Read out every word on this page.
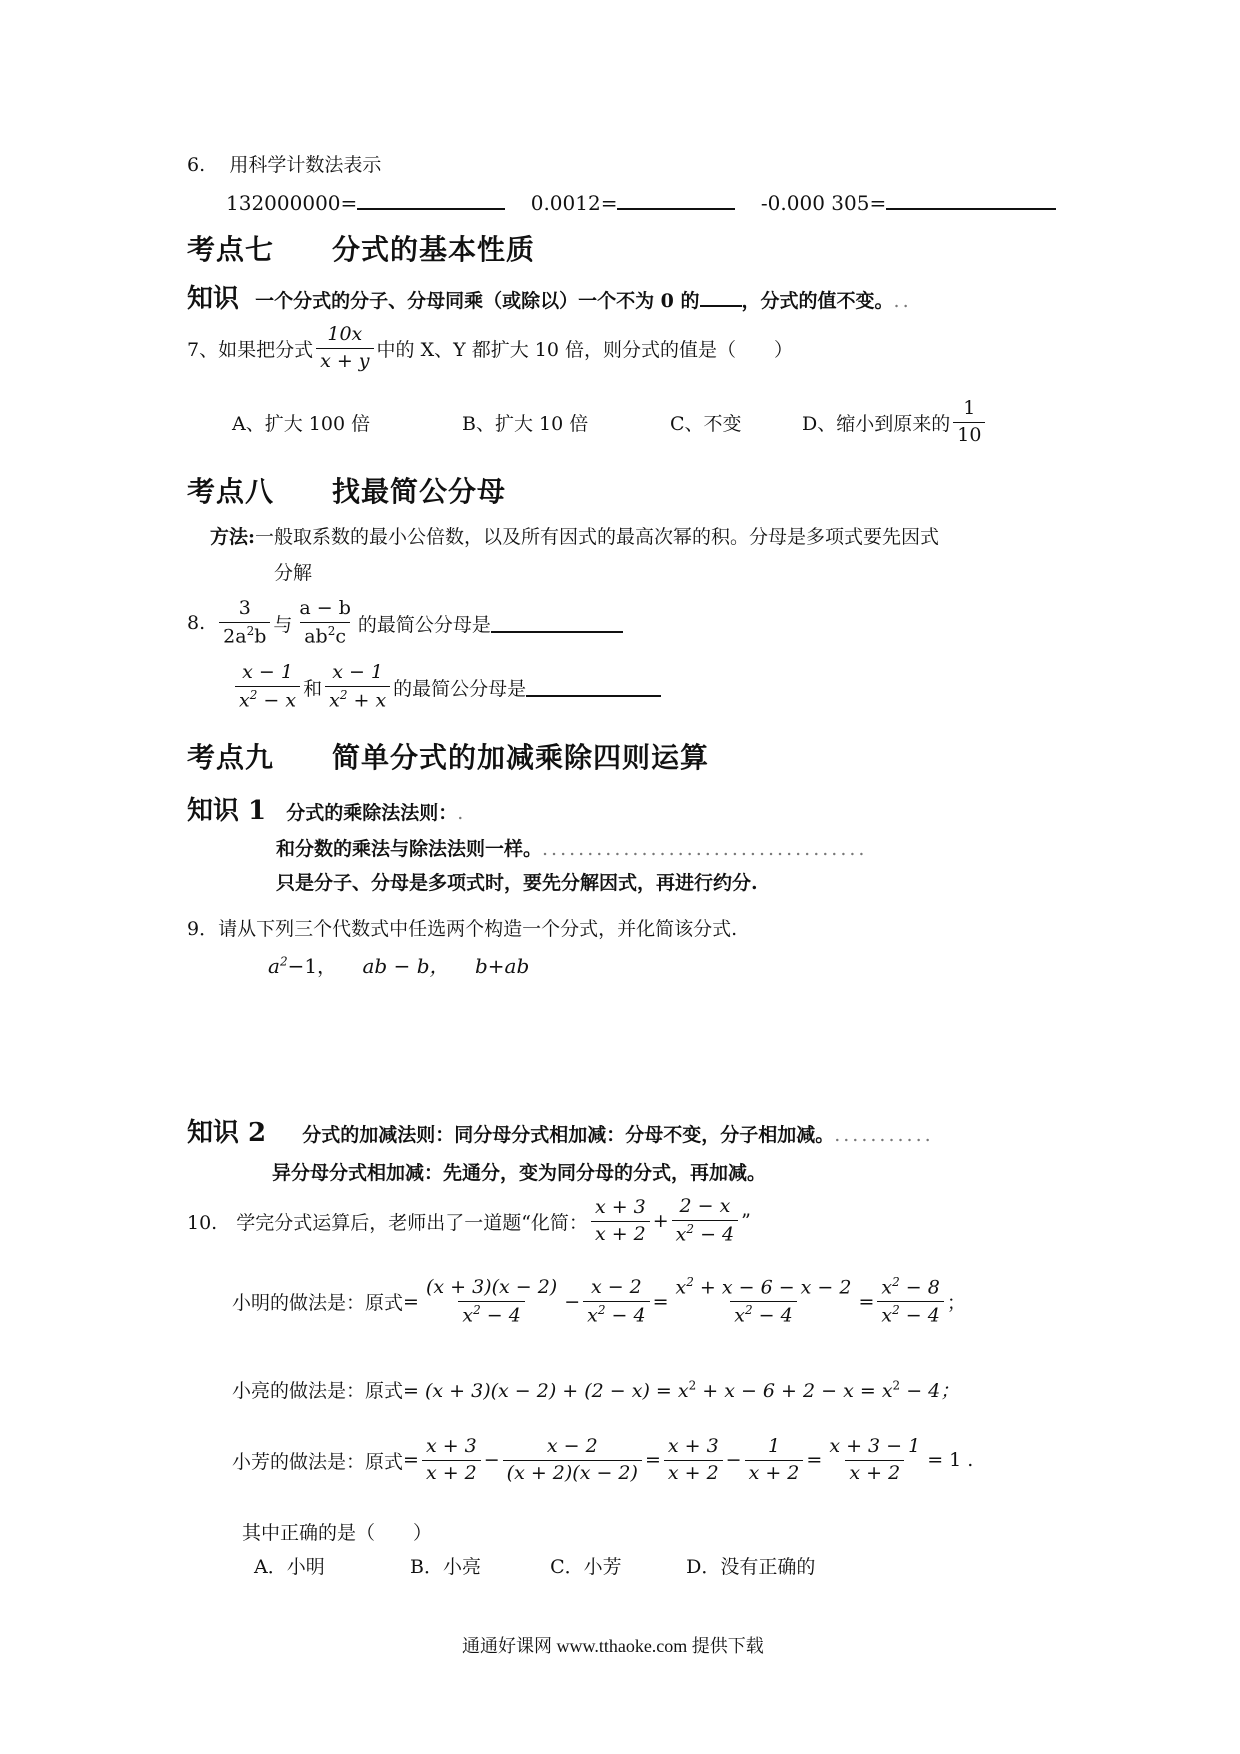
6. 用科学计数法表示
132000000=	0.0012=	-0.000 305=
考点七　　分式的基本性质
知识 一个分式的分子、分母同乘（或除以）一个不为 0 的 ，分式的值不变。..
7、如果把分式 $\frac{10x}{x + y}$ 中的 X、Y 都扩大 10 倍，则分式的值是（　　）
A、扩大 100 倍	B、扩大 10 倍	C、不变	D、缩小到原来的 $\frac{1}{10}$
考点八　　找最简公分母
方法:一般取系数的最小公倍数，以及所有因式的最高次幂的积。分母是多项式要先因式
分解
8. $\frac{3}{2a^2b}$ 与 $\frac{a - b}{ab^2c}$ 的最简公分母是
$\frac{x - 1}{x^2 - x}$ 和 $\frac{x - 1}{x^2 + x}$ 的最简公分母是
考点九　　简单分式的加减乘除四则运算
知识 1 分式的乘除法法则：.
和分数的乘法与除法法则一样。....................................
只是分子、分母是多项式时，要先分解因式，再进行约分.
9．请从下列三个代数式中任选两个构造一个分式，并化简该分式.
$a^2-1$， ab − b， b+ab
知识 2 分式的加减法则：同分母分式相加减：分母不变，分子相加减。...........
异分母分式相加减：先通分，变为同分母的分式，再加减。
10.　学完分式运算后，老师出了一道题“化简： $\frac{x + 3}{x + 2} + \frac{2 - x}{x^2 - 4}$ ”
小明的做法是：原式 = $\frac{(x + 3)(x - 2)}{x^2 - 4} - \frac{x - 2}{x^2 - 4} = \frac{x^2 + x - 6 - x - 2}{x^2 - 4} = \frac{x^2 - 8}{x^2 - 4}$ ；
小亮的做法是：原式= $(x + 3)(x - 2) + (2 - x) = x^2 + x - 6 + 2 - x = x^2 - 4$；
小芳的做法是：原式 = $\frac{x + 3}{x + 2} - \frac{x - 2}{(x + 2)(x - 2)} = \frac{x + 3}{x + 2} - \frac{1}{x + 2} = \frac{x + 3 - 1}{x + 2} = 1$ .
其中正确的是（　　）
A．小明	B．小亮	C．小芳	D．没有正确的
通通好课网 www.tthaoke.com 提供下载
